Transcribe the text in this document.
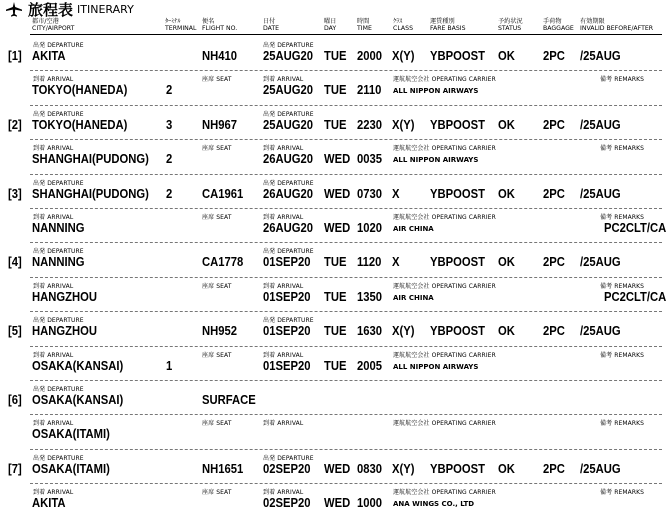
旅程表 ITINERARY
都市/空港
CITY/AIRPORT
ﾀｰﾐﾅﾙ
TERMINAL
便名
FLIGHT NO.
日付
DATE
曜日
DAY
時間
TIME
ｸﾗｽ
CLASS
運賃種別
FARE BASIS
予約状況
STATUS
手荷物
BAGGAGE
有効期限
INVALID BEFORE/AFTER
出発 DEPARTURE	出発 DEPARTURE
[1] AKITA	NH410 25AUG20 TUE 2000 X(Y) YBPOOST OK 2PC /25AUG
到着 ARRIVAL	座席 SEAT	到着 ARRIVAL	運航航空会社 OPERATING CARRIER	備考 REMARKS
TOKYO(HANEDA)	2	25AUG20 TUE 2110 ALL NIPPON AIRWAYS
出発 DEPARTURE	出発 DEPARTURE
[2] TOKYO(HANEDA)	3 NH967 25AUG20 TUE 2230 X(Y) YBPOOST OK 2PC /25AUG
到着 ARRIVAL	座席 SEAT	到着 ARRIVAL	運航航空会社 OPERATING CARRIER	備考 REMARKS
SHANGHAI(PUDONG) 2	26AUG20 WED 0035 ALL NIPPON AIRWAYS
出発 DEPARTURE	出発 DEPARTURE
[3] SHANGHAI(PUDONG) 2 CA1961 26AUG20 WED 0730 X YBPOOST OK 2PC /25AUG
到着 ARRIVAL	座席 SEAT	到着 ARRIVAL	運航航空会社 OPERATING CARRIER	備考 REMARKS
NANNING	26AUG20 WED 1020 AIR CHINA	PC2CLT/CA
出発 DEPARTURE	出発 DEPARTURE
[4] NANNING	CA1778 01SEP20 TUE 1120 X YBPOOST OK 2PC /25AUG
到着 ARRIVAL	座席 SEAT	到着 ARRIVAL	運航航空会社 OPERATING CARRIER	備考 REMARKS
HANGZHOU	01SEP20 TUE 1350 AIR CHINA	PC2CLT/CA
出発 DEPARTURE	出発 DEPARTURE
[5] HANGZHOU	NH952 01SEP20 TUE 1630 X(Y) YBPOOST OK 2PC /25AUG
到着 ARRIVAL	座席 SEAT	到着 ARRIVAL	運航航空会社 OPERATING CARRIER	備考 REMARKS
OSAKA(KANSAI)	1	01SEP20 TUE 2005 ALL NIPPON AIRWAYS
出発 DEPARTURE
[6] OSAKA(KANSAI)	SURFACE
到着 ARRIVAL	座席 SEAT	到着 ARRIVAL	運航航空会社 OPERATING CARRIER	備考 REMARKS
OSAKA(ITAMI)
出発 DEPARTURE	出発 DEPARTURE
[7] OSAKA(ITAMI)	NH1651 02SEP20 WED 0830 X(Y) YBPOOST OK 2PC /25AUG
到着 ARRIVAL	座席 SEAT	到着 ARRIVAL	運航航空会社 OPERATING CARRIER	備考 REMARKS
AKITA	02SEP20 WED 1000 ANA WINGS CO., LTD
